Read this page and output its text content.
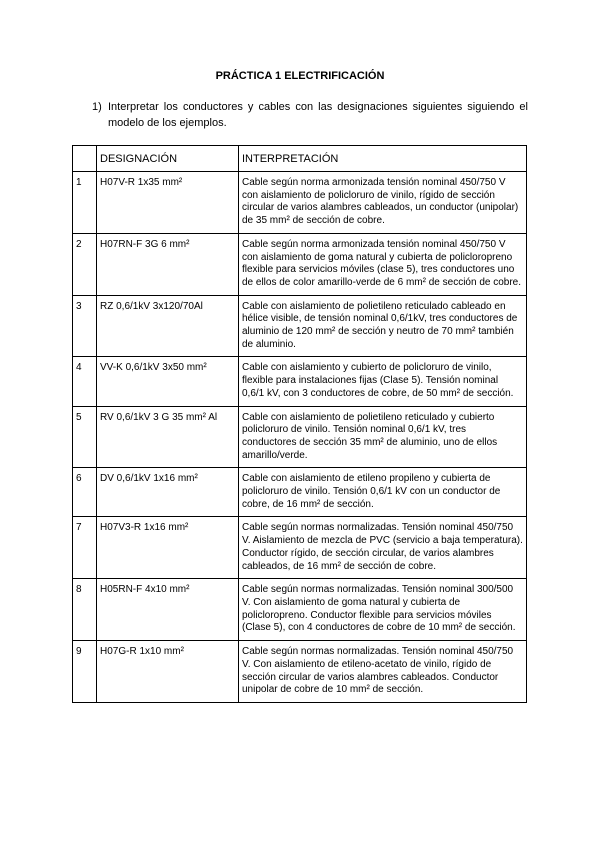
PRÁCTICA 1 ELECTRIFICACIÓN
1) Interpretar los conductores y cables con las designaciones siguientes siguiendo el modelo de los ejemplos.
	DESIGNACIÓN	INTERPRETACIÓN
1	H07V-R 1x35 mm²	Cable según norma armonizada tensión nominal 450/750 V con aislamiento de policloruro de vinilo, rígido de sección circular de varios alambres cableados, un conductor (unipolar) de 35 mm² de sección de cobre.
2	H07RN-F 3G 6 mm²	Cable según norma armonizada tensión nominal 450/750 V con aislamiento de goma natural y cubierta de policloropreno flexible para servicios móviles (clase 5), tres conductores uno de ellos de color amarillo-verde de 6 mm² de sección de cobre.
3	RZ 0,6/1kV 3x120/70Al	Cable con aislamiento de polietileno reticulado cableado en hélice visible, de tensión nominal 0,6/1kV, tres conductores de aluminio de 120 mm² de sección y neutro de 70 mm² también de aluminio.
4	VV-K 0,6/1kV 3x50 mm²	Cable con aislamiento y cubierto de policloruro de vinilo, flexible para instalaciones fijas (Clase 5). Tensión nominal 0,6/1 kV, con 3 conductores de cobre, de 50 mm² de sección.
5	RV 0,6/1kV 3 G 35 mm² Al	Cable con aislamiento de polietileno reticulado y cubierto policloruro de vinilo. Tensión nominal 0,6/1 kV, tres conductores de sección 35 mm² de aluminio, uno de ellos amarillo/verde.
6	DV 0,6/1kV 1x16 mm²	Cable con aislamiento de etileno propileno y cubierta de policloruro de vinilo. Tensión 0,6/1 kV con un conductor de cobre, de 16 mm² de sección.
7	H07V3-R 1x16 mm²	Cable según normas normalizadas. Tensión nominal 450/750 V. Aislamiento de mezcla de PVC (servicio a baja temperatura). Conductor rígido, de sección circular, de varios alambres cableados, de 16 mm² de sección de cobre.
8	H05RN-F 4x10 mm²	Cable según normas normalizadas. Tensión nominal 300/500 V. Con aislamiento de goma natural y cubierta de policloropreno. Conductor flexible para servicios móviles (Clase 5), con 4 conductores de cobre de 10 mm² de sección.
9	H07G-R 1x10 mm²	Cable según normas normalizadas. Tensión nominal 450/750 V. Con aislamiento de etileno-acetato de vinilo, rígido de sección circular de varios alambres cableados. Conductor unipolar de cobre de 10 mm² de sección.
